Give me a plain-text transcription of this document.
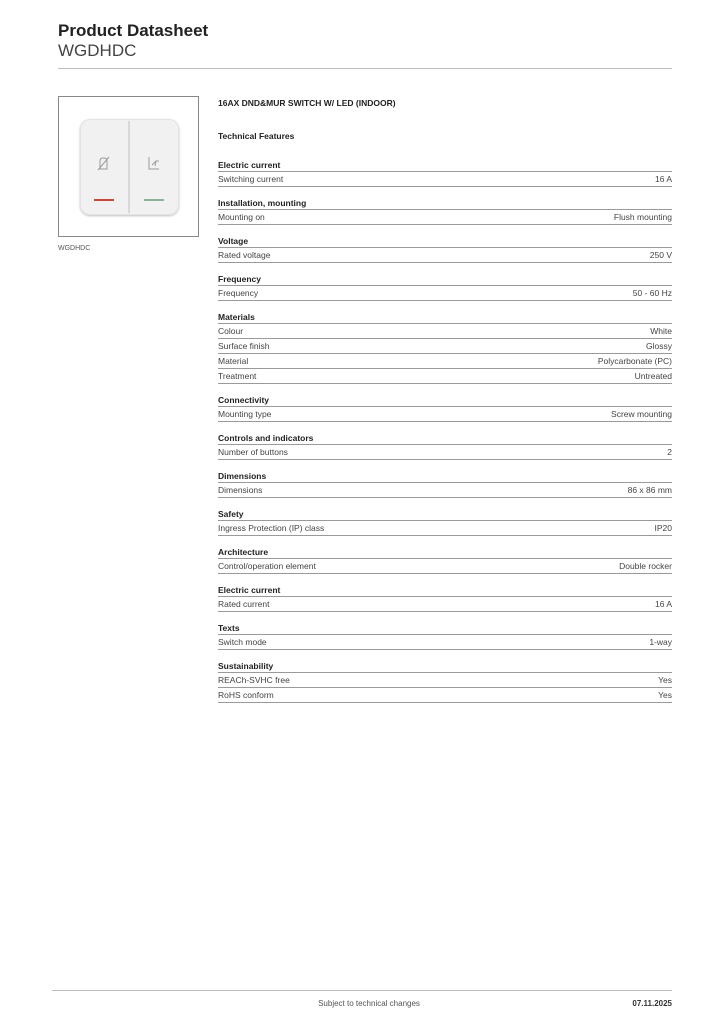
Product Datasheet
WGDHDC
WGDHDC
16AX DND&MUR SWITCH W/ LED (INDOOR)
Technical Features
Electric current
Switching current	16 A
Installation, mounting
Mounting on	Flush mounting
Voltage
Rated voltage	250 V
Frequency
Frequency	50 - 60 Hz
Materials
Colour	White
Surface finish	Glossy
Material	Polycarbonate (PC)
Treatment	Untreated
Connectivity
Mounting type	Screw mounting
Controls and indicators
Number of buttons	2
Dimensions
Dimensions	86 x 86 mm
Safety
Ingress Protection (IP) class	IP20
Architecture
Control/operation element	Double rocker
Electric current
Rated current	16 A
Texts
Switch mode	1-way
Sustainability
REACh-SVHC free	Yes
RoHS conform	Yes
Subject to technical changes	07.11.2025
